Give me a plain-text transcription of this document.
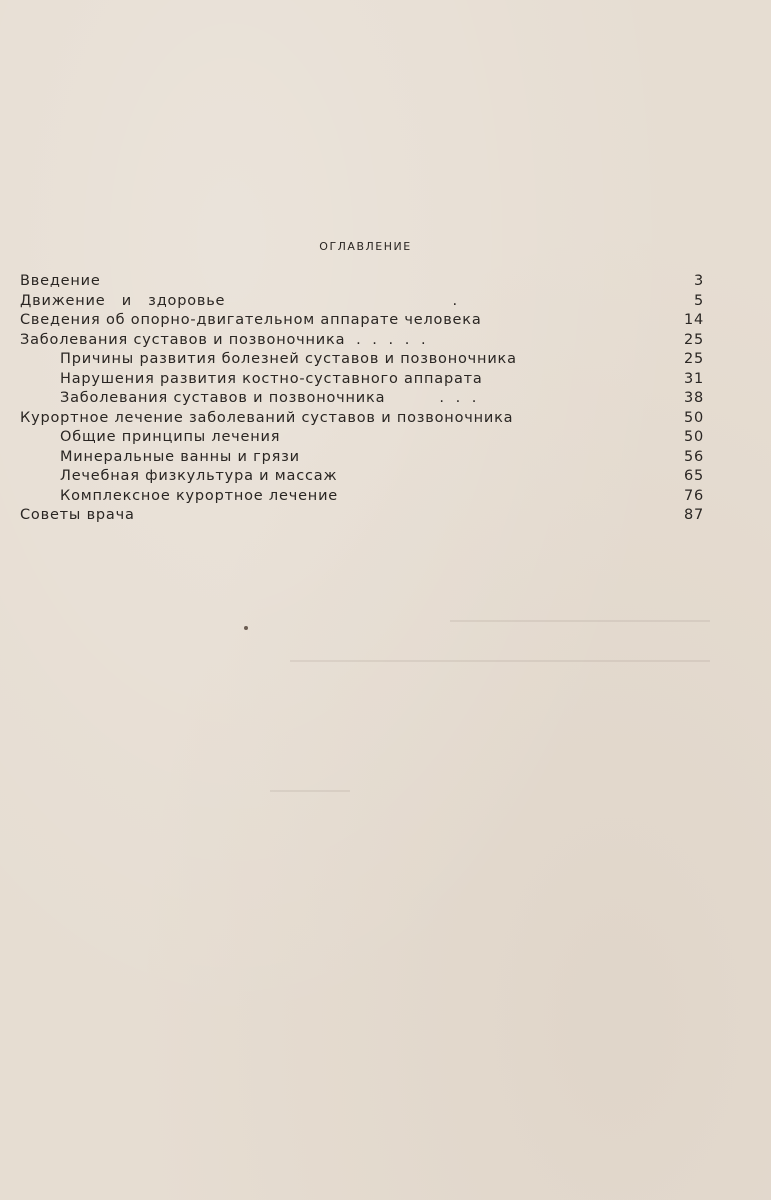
оглавление
Введение	3
Движение   и   здоровье                                          .	5
Сведения об опорно-двигательном аппарате человека	14
Заболевания суставов и позвоночника  .  .  .  .  .	25
Причины развития болезней суставов и позвоночника	25
Нарушения развития костно-суставного аппарата	31
Заболевания суставов и позвоночника          .  .  .	38
Курортное лечение заболеваний суставов и позвоночника	50
Общие принципы лечения	50
Минеральные ванны и грязи	56
Лечебная физкультура и массаж	65
Комплексное курортное лечение	76
Советы врача	87
